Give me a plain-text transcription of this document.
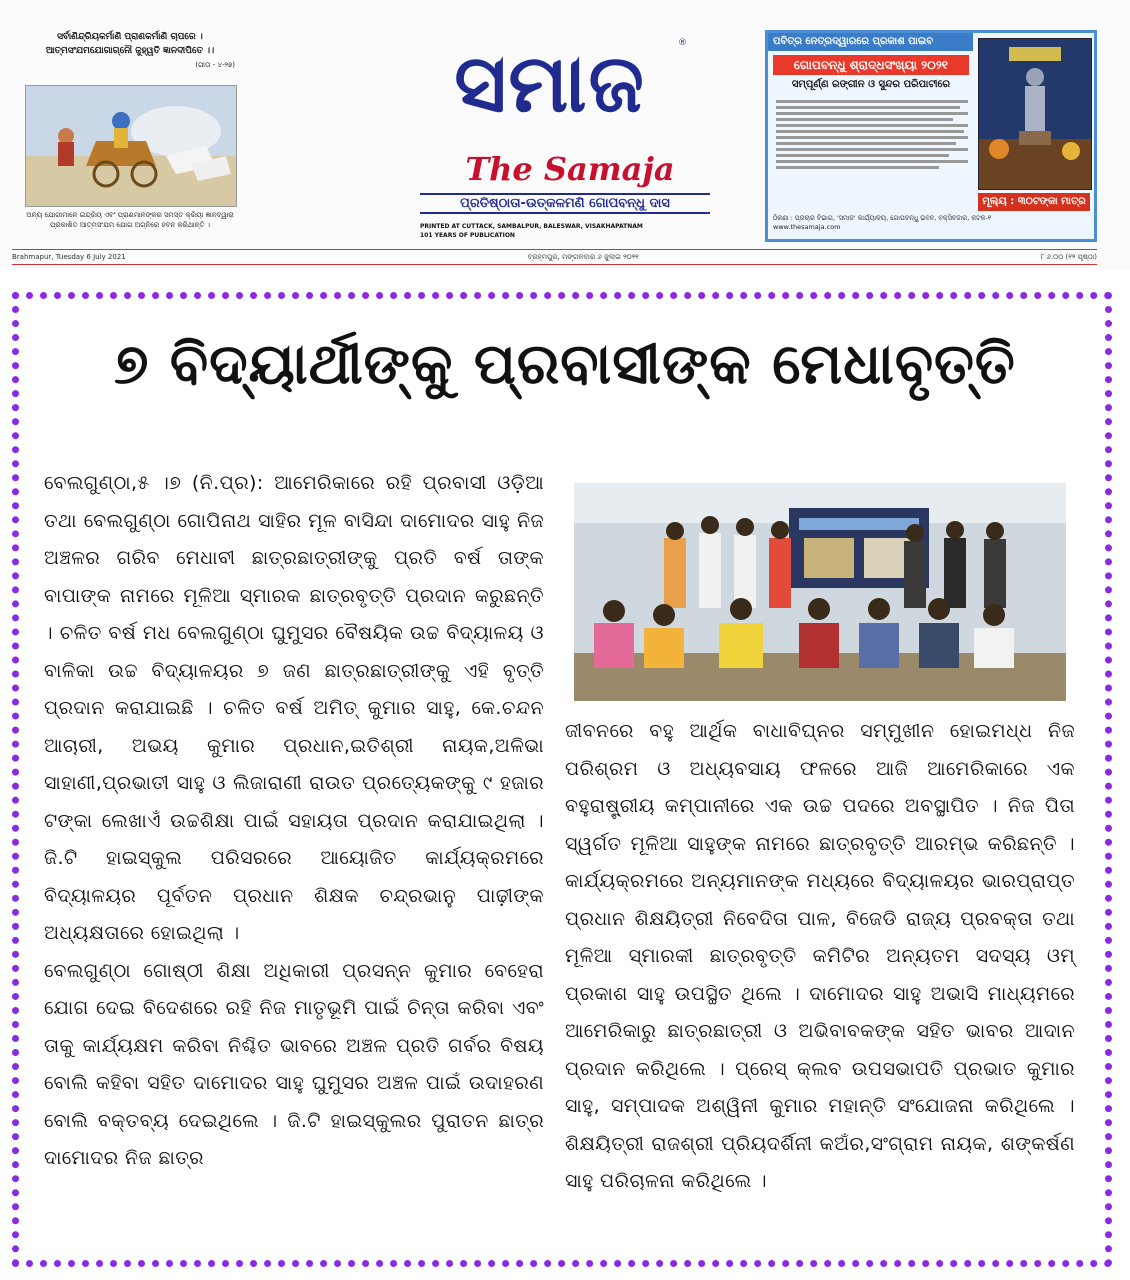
ସର୍ବାଣିନ୍ଦ୍ରିୟକର୍ମାଣି ପ୍ରାଣକର୍ମାଣି ଚାପରେ ।
ଆତ୍ମସଂଯମଯୋଗାଗ୍ନୌ ଜୁହ୍ୱତି ଜ୍ଞାନଦୀପିତେ ।।
(ଗୀତା - ୪-୨୭)
ଅନ୍ୟ ଯୋଗୀମାନେ ଇନ୍ଦ୍ରିୟ ଏବଂ ପ୍ରାଣମାନଙ୍କର ସମସ୍ତ କ୍ରିୟା ଜ୍ଞାନଦ୍ୱାରା ପ୍ରକାଶିତ ଆତ୍ମସଂଯମ ଯୋଗ ଅଗ୍ନିରେ ହବନ କରିଥାନ୍ତି ।
ସମାଜ	®
The Samaja
ପ୍ରତିଷ୍ଠାତା-ଉତ୍କଳମଣି ଗୋପବନ୍ଧୁ ଦାସ
PRINTED AT CUTTACK, SAMBALPUR, BALESWAR, VISAKHAPATNAM
101 YEARS OF PUBLICATION
ପବିତ୍ର ନେତ୍ରଦ୍ୱାରରେ ପ୍ରକାଶ ପାଇବ
ଗୋପବନ୍ଧୁ ଶ୍ରାଦ୍ଧସଂଖ୍ୟା ୨୦୨୧
ସମ୍ପୂର୍ଣ୍ଣ ରଙ୍ଗୀନ ଓ ସୁନ୍ଦର ପରିପାଟୀରେ
ମୂଲ୍ୟ : ୩୦ଟଙ୍କା ମାତ୍ର
ଠିକଣା : ପ୍ରଚାର ବିଭାଗ, 'ସମାଜ' କାର୍ଯ୍ୟାଳୟ, ଗୋପବନ୍ଧୁ ଭବନ, ବକ୍ସିବଜାର, କଟକ-୧
www.thesamaja.com
Brahmapur, Tuesday 6 July 2021	ବ୍ରହ୍ମପୁର, ମଙ୍ଗଳବାର ୬ ଜୁଲାଇ ୨୦୨୧	୮ ୬.୦୦ (୧୨ ପୃଷ୍ଠା)
୭ ବିଦ୍ୟାର୍ଥୀଙ୍କୁ ପ୍ରବାସୀଙ୍କ ମେଧାବୃତ୍ତି

ବେଲଗୁଣ୍ଠା,୫ ।୭ (ନି.ପ୍ର): ଆମେରିକାରେ ରହି ପ୍ରବାସୀ ଓଡ଼ିଆ ତଥା ବେଲଗୁଣ୍ଠା ଗୋପିନାଥ ସାହିର ମୂଳ ବାସିନ୍ଦା ଦାମୋଦର ସାହୁ ନିଜ ଅଞ୍ଚଳର ଗରିବ ମେଧାବୀ ଛାତ୍ରଛାତ୍ରୀଙ୍କୁ ପ୍ରତି ବର୍ଷ ତାଙ୍କ ବାପାଙ୍କ ନାମରେ ମୂଳିଆ ସ୍ମାରକ ଛାତ୍ରବୃତ୍ତି ପ୍ରଦାନ କରୁଛନ୍ତି । ଚଳିତ ବର୍ଷ ମଧ ବେଲଗୁଣ୍ଠା ଘୁମୁସର ବୈଷୟିକ ଉଚ୍ଚ ବିଦ୍ୟାଳୟ ଓ ବାଳିକା ଉଚ୍ଚ ବିଦ୍ୟାଳୟର ୭ ଜଣ ଛାତ୍ରଛାତ୍ରୀଙ୍କୁ ଏହି ବୃତ୍ତି ପ୍ରଦାନ କରାଯାଇଛି । ଚଳିତ ବର୍ଷ ଅମିତ୍ କୁମାର ସାହୁ, କେ.ଚନ୍ଦନ ଆଚାରୀ, ଅଭୟ କୁମାର ପ୍ରଧାନ,ଇତିଶ୍ରୀ ନାୟକ,ଅଳିଭା ସାହାଣୀ,ପ୍ରଭାତୀ ସାହୁ ଓ ଲିଜାରାଣୀ ରାଉତ ପ୍ରତ୍ୟେକଙ୍କୁ ୯ ହଜାର ଟଙ୍କା ଲେଖାଏଁ ଉଚ୍ଚଶିକ୍ଷା ପାଇଁ ସହାୟତା ପ୍ରଦାନ କରାଯାଇଥିଲା । ଜି.ଟି ହାଇସ୍କୁଲ ପରିସରରେ ଆୟୋଜିତ କାର୍ଯ୍ୟକ୍ରମରେ ବିଦ୍ୟାଳୟର ପୂର୍ବତନ ପ୍ରଧାନ ଶିକ୍ଷକ ଚନ୍ଦ୍ରଭାନୁ ପାଢ଼ୀଙ୍କ ଅଧ୍ୟକ୍ଷତାରେ ହୋଇଥିଲା ।

ବେଲଗୁଣ୍ଠା ଗୋଷ୍ଠୀ ଶିକ୍ଷା ଅଧିକାରୀ ପ୍ରସନ୍ନ କୁମାର ବେହେରା ଯୋଗ ଦେଇ ବିଦେଶରେ ରହି ନିଜ ମାତୃଭୂମି ପାଇଁ ଚିନ୍ତା କରିବା ଏବଂ ତାକୁ କାର୍ଯ୍ୟକ୍ଷମ କରିବା ନିଶ୍ଚିତ ଭାବରେ ଅଞ୍ଚଳ ପ୍ରତି ଗର୍ବର ବିଷୟ ବୋଲି କହିବା ସହିତ ଦାମୋଦର ସାହୁ ଘୁମୁସର ଅଞ୍ଚଳ ପାଇଁ ଉଦାହରଣ ବୋଲି ବକ୍ତବ୍ୟ ଦେଇଥିଲେ । ଜି.ଟି ହାଇସ୍କୁଲର ପୁରାତନ ଛାତ୍ର ଦାମୋଦର ନିଜ ଛାତ୍ର

ଜୀବନରେ ବହୁ ଆର୍ଥିକ ବାଧାବିଘ୍ନର ସମ୍ମୁଖୀନ ହୋଇମଧ୍ଧ ନିଜ ପରିଶ୍ରମ ଓ ଅଧ୍ୟବସାୟ ଫଳରେ ଆଜି ଆମେରିକାରେ ଏକ ବହୁରାଷ୍ଟ୍ରୀୟ କମ୍ପାନୀରେ ଏକ ଉଚ୍ଚ ପଦରେ ଅବସ୍ଥାପିତ । ନିଜ ପିତା ସ୍ୱର୍ଗତ ମୂଳିଆ ସାହୁଙ୍କ ନାମରେ ଛାତ୍ରବୃତ୍ତି ଆରମ୍ଭ କରିଛନ୍ତି । କାର୍ଯ୍ୟକ୍ରମରେ ଅନ୍ୟମାନଙ୍କ ମଧ୍ୟରେ ବିଦ୍ୟାଳୟର ଭାରପ୍ରାପ୍ତ ପ୍ରଧାନ ଶିକ୍ଷୟିତ୍ରୀ ନିବେଦିତା ପାଳ, ବିଜେଡି ରାଜ୍ୟ ପ୍ରବକ୍ତା ତଥା ମୂଳିଆ ସ୍ମାରକୀ ଛାତ୍ରବୃତ୍ତି କମିଟିର ଅନ୍ୟତମ ସଦସ୍ୟ ଓମ୍ ପ୍ରକାଶ ସାହୁ ଉପସ୍ଥିତ ଥିଲେ । ଦାମୋଦର ସାହୁ ଅଭାସି ମାଧ୍ୟମରେ ଆମେରିକାରୁ ଛାତ୍ରଛାତ୍ରୀ ଓ ଅଭିବାବକଙ୍କ ସହିତ ଭାବର ଆଦାନ ପ୍ରଦାନ କରିଥିଲେ । ପ୍ରେସ୍ କ୍ଲବ ଉପସଭାପତି ପ୍ରଭାତ କୁମାର ସାହୁ, ସମ୍ପାଦକ ଅଶ୍ୱିନୀ କୁମାର ମହାନ୍ତି ସଂଯୋଜନା କରିଥିଲେ । ଶିକ୍ଷୟିତ୍ରୀ ରାଜଶ୍ରୀ ପ୍ରିୟଦର୍ଶିନୀ କଅଁର,ସଂଗ୍ରାମ ନାୟକ, ଶଙ୍କର୍ଷଣ ସାହୁ ପରିଚାଳନା କରିଥିଲେ ।
